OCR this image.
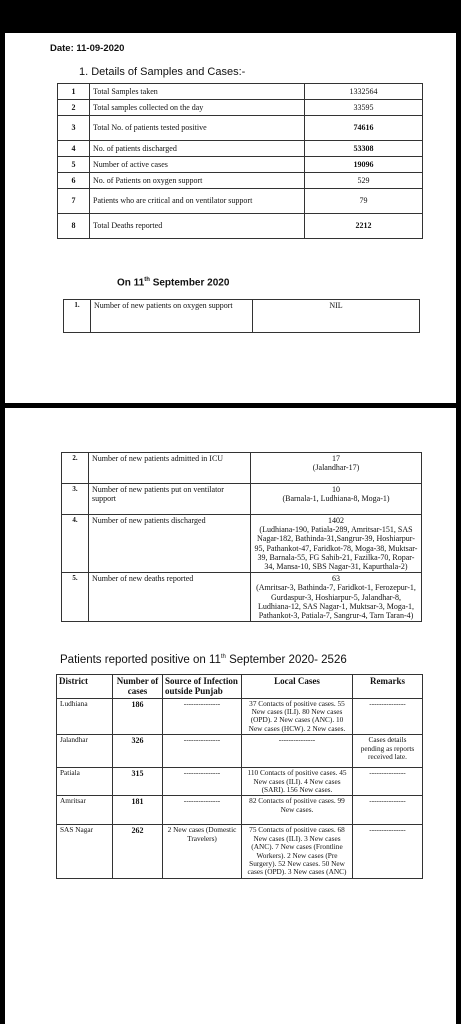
Date: 11-09-2020
1. Details of Samples and Cases:-
1	Total Samples taken	1332564
2	Total samples collected on the day	33595
3	Total No. of patients tested positive	74616
4	No. of patients discharged	53308
5	Number of active cases	19096
6	No. of Patients on oxygen support	529
7	Patients who are critical and on ventilator support	79
8	Total Deaths reported	2212
On 11th September 2020
1.	Number of new patients on oxygen support	NIL
2.	Number of new patients admitted in ICU	17
(Jalandhar-17)

3.	Number of new patients put on ventilator support	10
(Barnala-1, Ludhiana-8, Moga-1)

4.	Number of new patients discharged	1402
(Ludhiana-190, Patiala-289, Amritsar-151, SAS Nagar-182, Bathinda-31,Sangrur-39, Hoshiarpur-95, Pathankot-47, Faridkot-78, Moga-38, Muktsar-39, Barnala-55, FG Sahib-21, Fazilka-70, Ropar-34, Mansa-10, SBS Nagar-31, Kapurthala-2)

5.	Number of new deaths reported	63
(Amritsar-3, Bathinda-7, Faridkot-1, Ferozepur-1, Gurdaspur-3, Hoshiarpur-5, Jalandhar-8, Ludhiana-12, SAS Nagar-1, Muktsar-3, Moga-1, Pathankot-3, Patiala-7, Sangrur-4, Tarn Taran-4)
Patients reported positive on 11th September 2020- 2526
District	Number of cases	Source of Infection outside Punjab	Local Cases	Remarks
Ludhiana	186	---------------	37 Contacts of positive cases. 55 New cases (ILI). 80 New cases (OPD). 2 New cases (ANC). 10 New cases (HCW). 2 New cases.	---------------
Jalandhar	326	---------------	---------------	Cases details pending as reports received late.
Patiala	315	---------------	110 Contacts of positive cases. 45 New cases (ILI). 4 New cases (SARI). 156 New cases.	---------------
Amritsar	181	---------------	82 Contacts of positive cases. 99 New cases.	---------------
SAS Nagar	262	2 New cases (Domestic Travelers)	75 Contacts of positive cases. 68 New cases (ILI). 3 New cases (ANC). 7 New cases (Frontline Workers). 2 New cases (Pre Surgery). 52 New cases. 50 New cases (OPD). 3 New cases (ANC)	---------------
